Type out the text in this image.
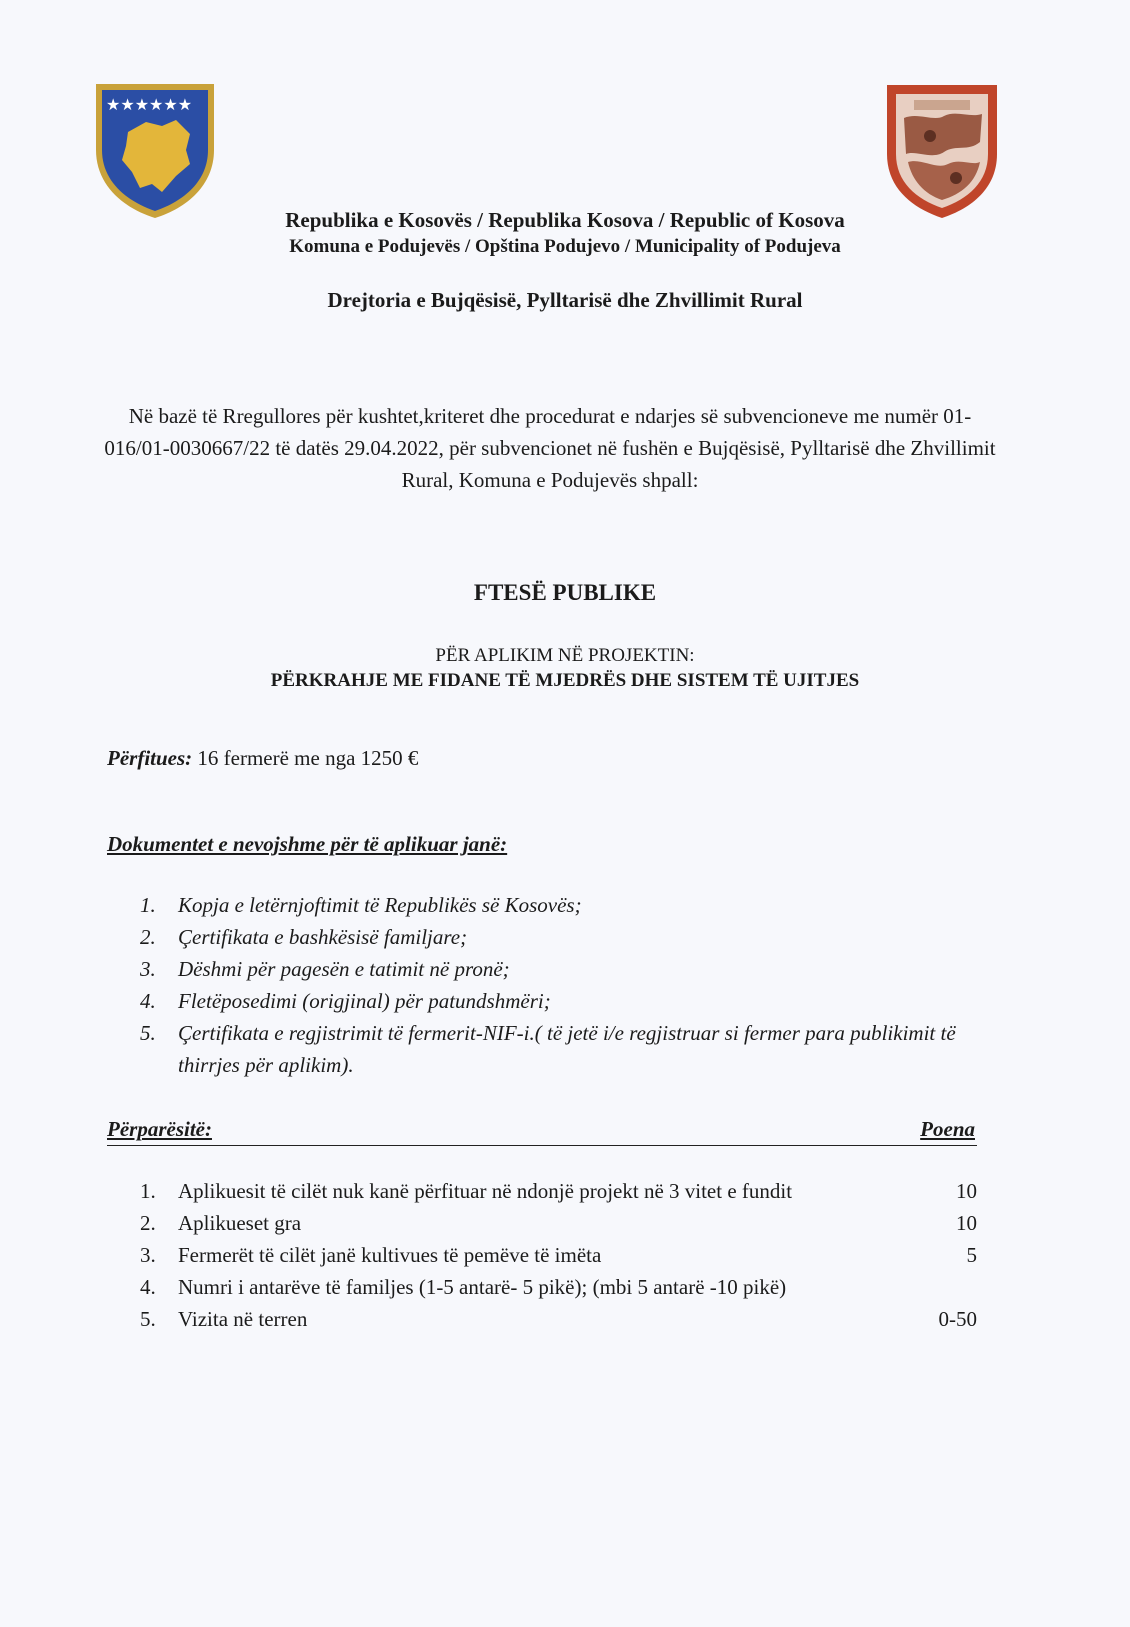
★★★★★★
Republika e Kosovës / Republika Kosova / Republic of Kosova
Komuna e Podujevës / Opština Podujevo / Municipality of Podujeva
Drejtoria e Bujqësisë, Pylltarisë dhe Zhvillimit Rural
Në bazë të Rregullores për kushtet,kriteret dhe procedurat e ndarjes së subvencioneve me numër 01-016/01-0030667/22 të datës 29.04.2022, për subvencionet në fushën e Bujqësisë, Pylltarisë dhe Zhvillimit Rural, Komuna e Podujevës shpall:
FTESË PUBLIKE
PËR APLIKIM NË PROJEKTIN:
PËRKRAHJE ME FIDANE TË MJEDRËS DHE SISTEM TË UJITJES
Përfitues: 16 fermerë me nga 1250 €
Dokumentet e nevojshme për të aplikuar janë:
1.	Kopja e letërnjoftimit të Republikës së Kosovës;
2.	Çertifikata e bashkësisë familjare;
3.	Dëshmi për pagesën e tatimit në pronë;
4.	Fletëposedimi (origjinal) për patundshmëri;
5.	Çertifikata e regjistrimit të fermerit-NIF-i.( të jetë i/e regjistruar si fermer para publikimit të thirrjes për aplikim).
Përparësitë:	Poena
1.	Aplikuesit të cilët nuk kanë përfituar në ndonjë projekt në 3 vitet e fundit	10
2.	Aplikueset gra	10
3.	Fermerët të cilët janë kultivues të pemëve të imëta	5
4.	Numri i antarëve të familjes (1-5 antarë- 5 pikë); (mbi 5 antarë -10 pikë)
5.	Vizita në terren	0-50
